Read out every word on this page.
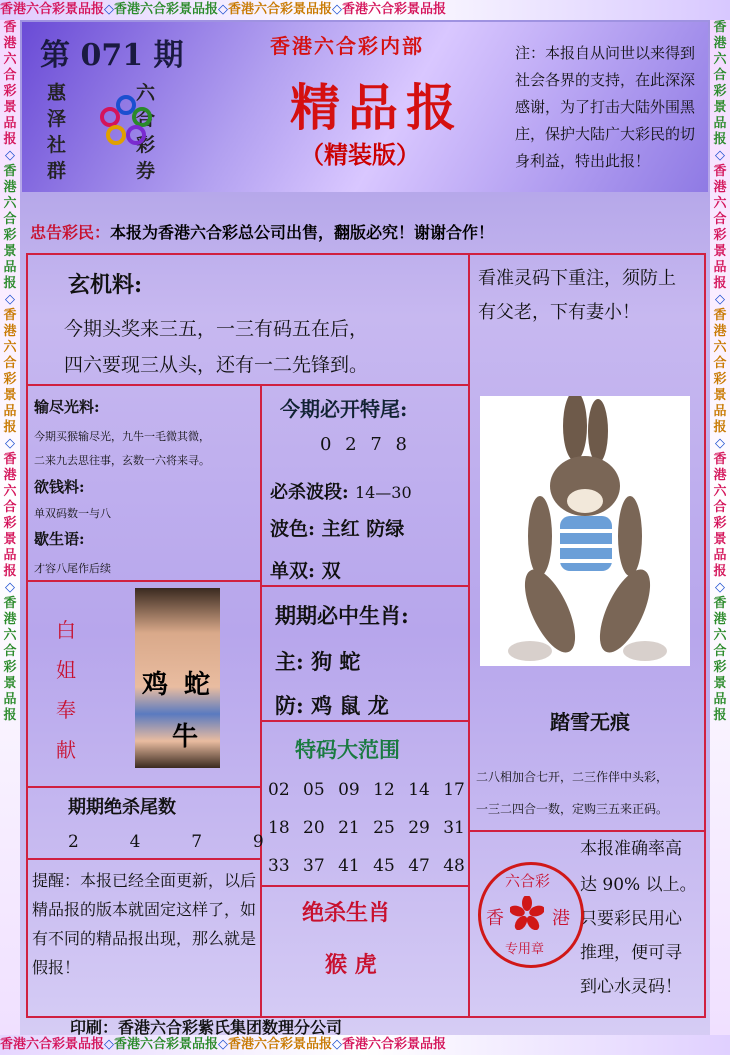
香港六合彩景品报◇香港六合彩景品报◇香港六合彩景品报◇香港六合彩景品报
香港六合彩景品报◇香港六合彩景品报◇香港六合彩景品报◇香港六合彩景品报
香港六合彩景品报◇香港六合彩景品报◇香港六合彩景品报◇香港六合彩景品报◇香港六合彩景品报
香港六合彩景品报◇香港六合彩景品报◇香港六合彩景品报◇香港六合彩景品报◇香港六合彩景品报
第 071 期
惠	六
泽	合
社	彩
群	券
香港六合彩内部
精品报
（精装版）
注：本报自从问世以来得到社会各界的支持，在此深深感谢，为了打击大陆外围黑庄，保护大陆广大彩民的切身利益，特出此报！
忠告彩民：本报为香港六合彩总公司出售，翻版必究！谢谢合作！
玄机料:
今期头奖来三五，一三有码五在后，
四六要现三从头，还有一二先锋到。
看准灵码下重注，须防上
有父老，下有妻小！
输尽光料:
今期买猴输尽光，九牛一毛微其微，
二来九去思往事，玄数一六将来寻。
欲钱料:
单双码数一与八
歇生语:
才容八尾作后续
今期必开特尾:
0 2 7 8
必杀波段: 14—30
波色: 主红 防绿
单双: 双
期期必中生肖:
主: 狗 蛇
防: 鸡 鼠 龙
白
姐
奉
献
鸡 蛇
牛	特码大范围
02 05 09 12 14 17
18 20 21 25 29 31
33 37 41 45 47 48
期期绝杀尾数
2  4  7  9
提醒：本报已经全面更新，以后精品报的版本就固定这样了，如有不同的精品报出现，那么就是假报！
绝杀生肖
猴 虎
踏雪无痕
二八相加合七开，二三作伴中头彩，
一三二四合一数，定购三五来正码。
本报准确率高
达 90% 以上。
只要彩民用心
推理，便可寻
到心水灵码！
六合彩
香	港
专用章
印刷：香港六合彩紫氏集团数理分公司
